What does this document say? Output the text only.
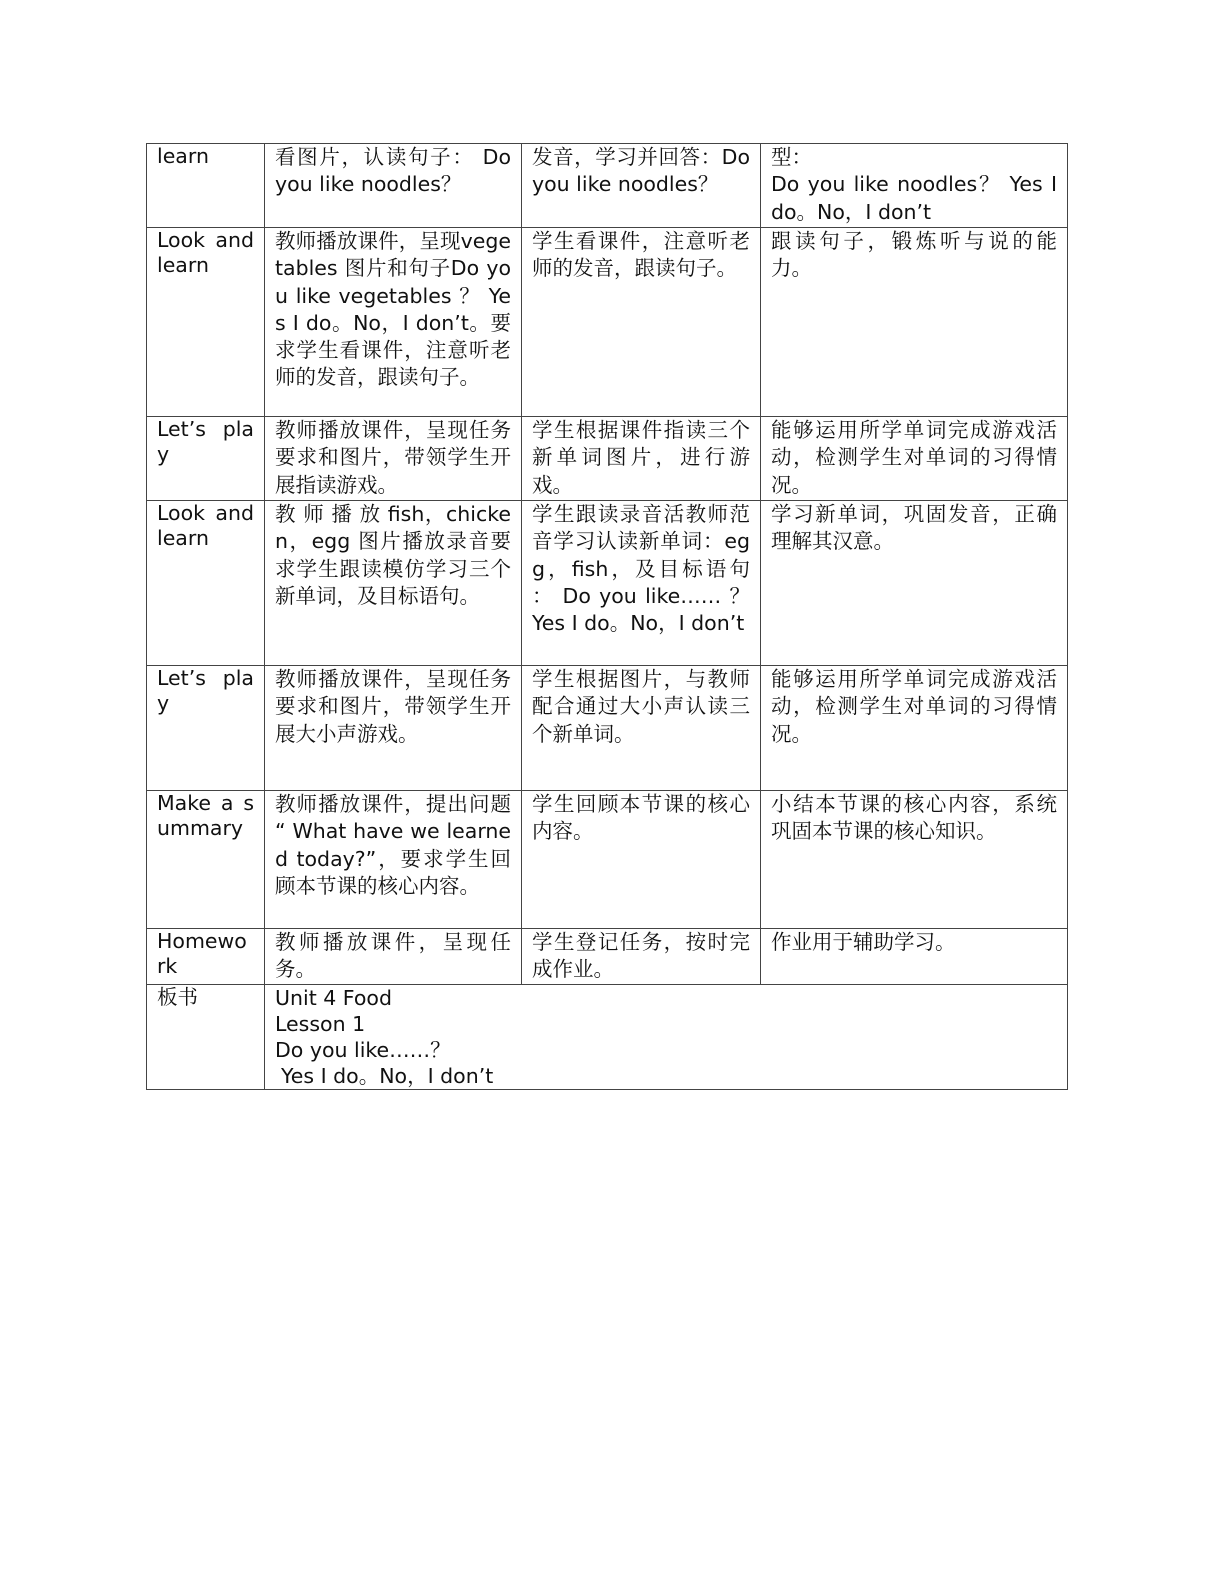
learn	看图片，认读句子： Do you like noodles？	发音，学习并回答：Do you like noodles？	型：
Do you like noodles？ Yes I do。No，I don’t

Look and learn	教师播放课件，呈现vegetables 图片和句子Do you like vegetables ？ Yes I do。No，I don’t。要求学生看课件，注意听老师的发音，跟读句子。	学生看课件，注意听老师的发音，跟读句子。	跟读句子，锻炼听与说的能力。

Let’s play	教师播放课件，呈现任务要求和图片，带领学生开展指读游戏。	学生根据课件指读三个新单词图片，进行游戏。	能够运用所学单词完成游戏活动，检测学生对单词的习得情况。

Look and learn	教 师 播 放 fish，chicken，egg 图片播放录音要求学生跟读模仿学习三个新单词，及目标语句。	学生跟读录音活教师范音学习认读新单词：egg，fish，及目标语句 ： Do you like…… ？ Yes I do。No，I don’t	学习新单词，巩固发音，正确理解其汉意。

Let’s play	教师播放课件，呈现任务要求和图片，带领学生开展大小声游戏。	学生根据图片，与教师配合通过大小声认读三个新单词。	能够运用所学单词完成游戏活动，检测学生对单词的习得情况。

Make a summary	教师播放课件，提出问题 “ What have we learned today?”，要求学生回顾本节课的核心内容。	学生回顾本节课的核心内容。	小结本节课的核心内容，系统巩固本节课的核心知识。

Homework	教师播放课件，呈现任务。	学生登记任务，按时完成作业。	作业用于辅助学习。

板书	Unit 4 Food
Lesson 1
Do you like……？
Yes I do。No，I don’t		
